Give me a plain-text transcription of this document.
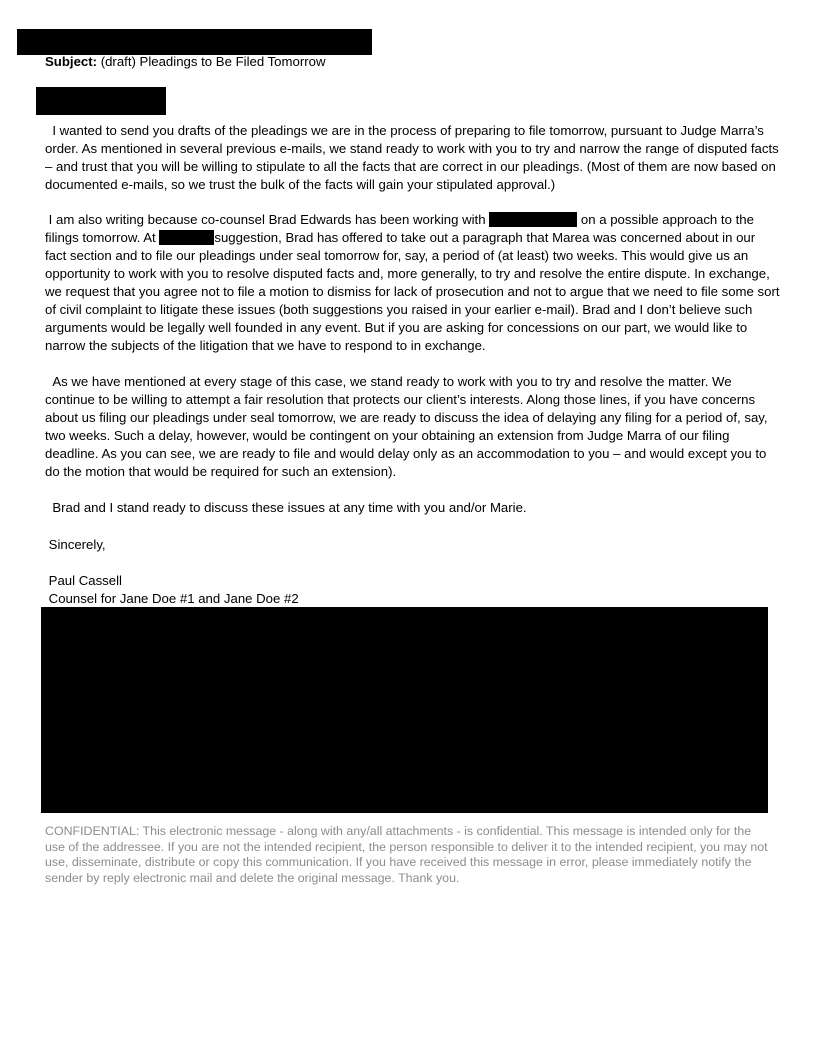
Subject: (draft) Pleadings to Be Filed Tomorrow

I wanted to send you drafts of the pleadings we are in the process of preparing to file tomorrow, pursuant to Judge Marra’s order. As mentioned in several previous e-mails, we stand ready to work with you to try and narrow the range of disputed facts – and trust that you will be willing to stipulate to all the facts that are correct in our pleadings. (Most of them are now based on documented e-mails, so we trust the bulk of the facts will gain your stipulated approval.)

I am also writing because co-counsel Brad Edwards has been working with	on a possible approach to the filings tomorrow. At	suggestion, Brad has offered to take out a paragraph that Marea was concerned about in our fact section and to file our pleadings under seal tomorrow for, say, a period of (at least) two weeks. This would give us an opportunity to work with you to resolve disputed facts and, more generally, to try and resolve the entire dispute. In exchange, we request that you agree not to file a motion to dismiss for lack of prosecution and not to argue that we need to file some sort of civil complaint to litigate these issues (both suggestions you raised in your earlier e-mail). Brad and I don’t believe such arguments would be legally well founded in any event. But if you are asking for concessions on our part, we would like to narrow the subjects of the litigation that we have to respond to in exchange.

As we have mentioned at every stage of this case, we stand ready to work with you to try and resolve the matter. We continue to be willing to attempt a fair resolution that protects our client’s interests. Along those lines, if you have concerns about us filing our pleadings under seal tomorrow, we are ready to discuss the idea of delaying any filing for a period of, say, two weeks. Such a delay, however, would be contingent on your obtaining an extension from Judge Marra of our filing deadline. As you can see, we are ready to file and would delay only as an accommodation to you – and would except you to do the motion that would be required for such an extension).

Brad and I stand ready to discuss these issues at any time with you and/or Marie.

Sincerely,

Paul Cassell
Counsel for Jane Doe #1 and Jane Doe #2

CONFIDENTIAL: This electronic message - along with any/all attachments - is confidential. This message is intended only for the use of the addressee. If you are not the intended recipient, the person responsible to deliver it to the intended recipient, you may not use, disseminate, distribute or copy this communication. If you have received this message in error, please immediately notify the sender by reply electronic mail and delete the original message. Thank you.
